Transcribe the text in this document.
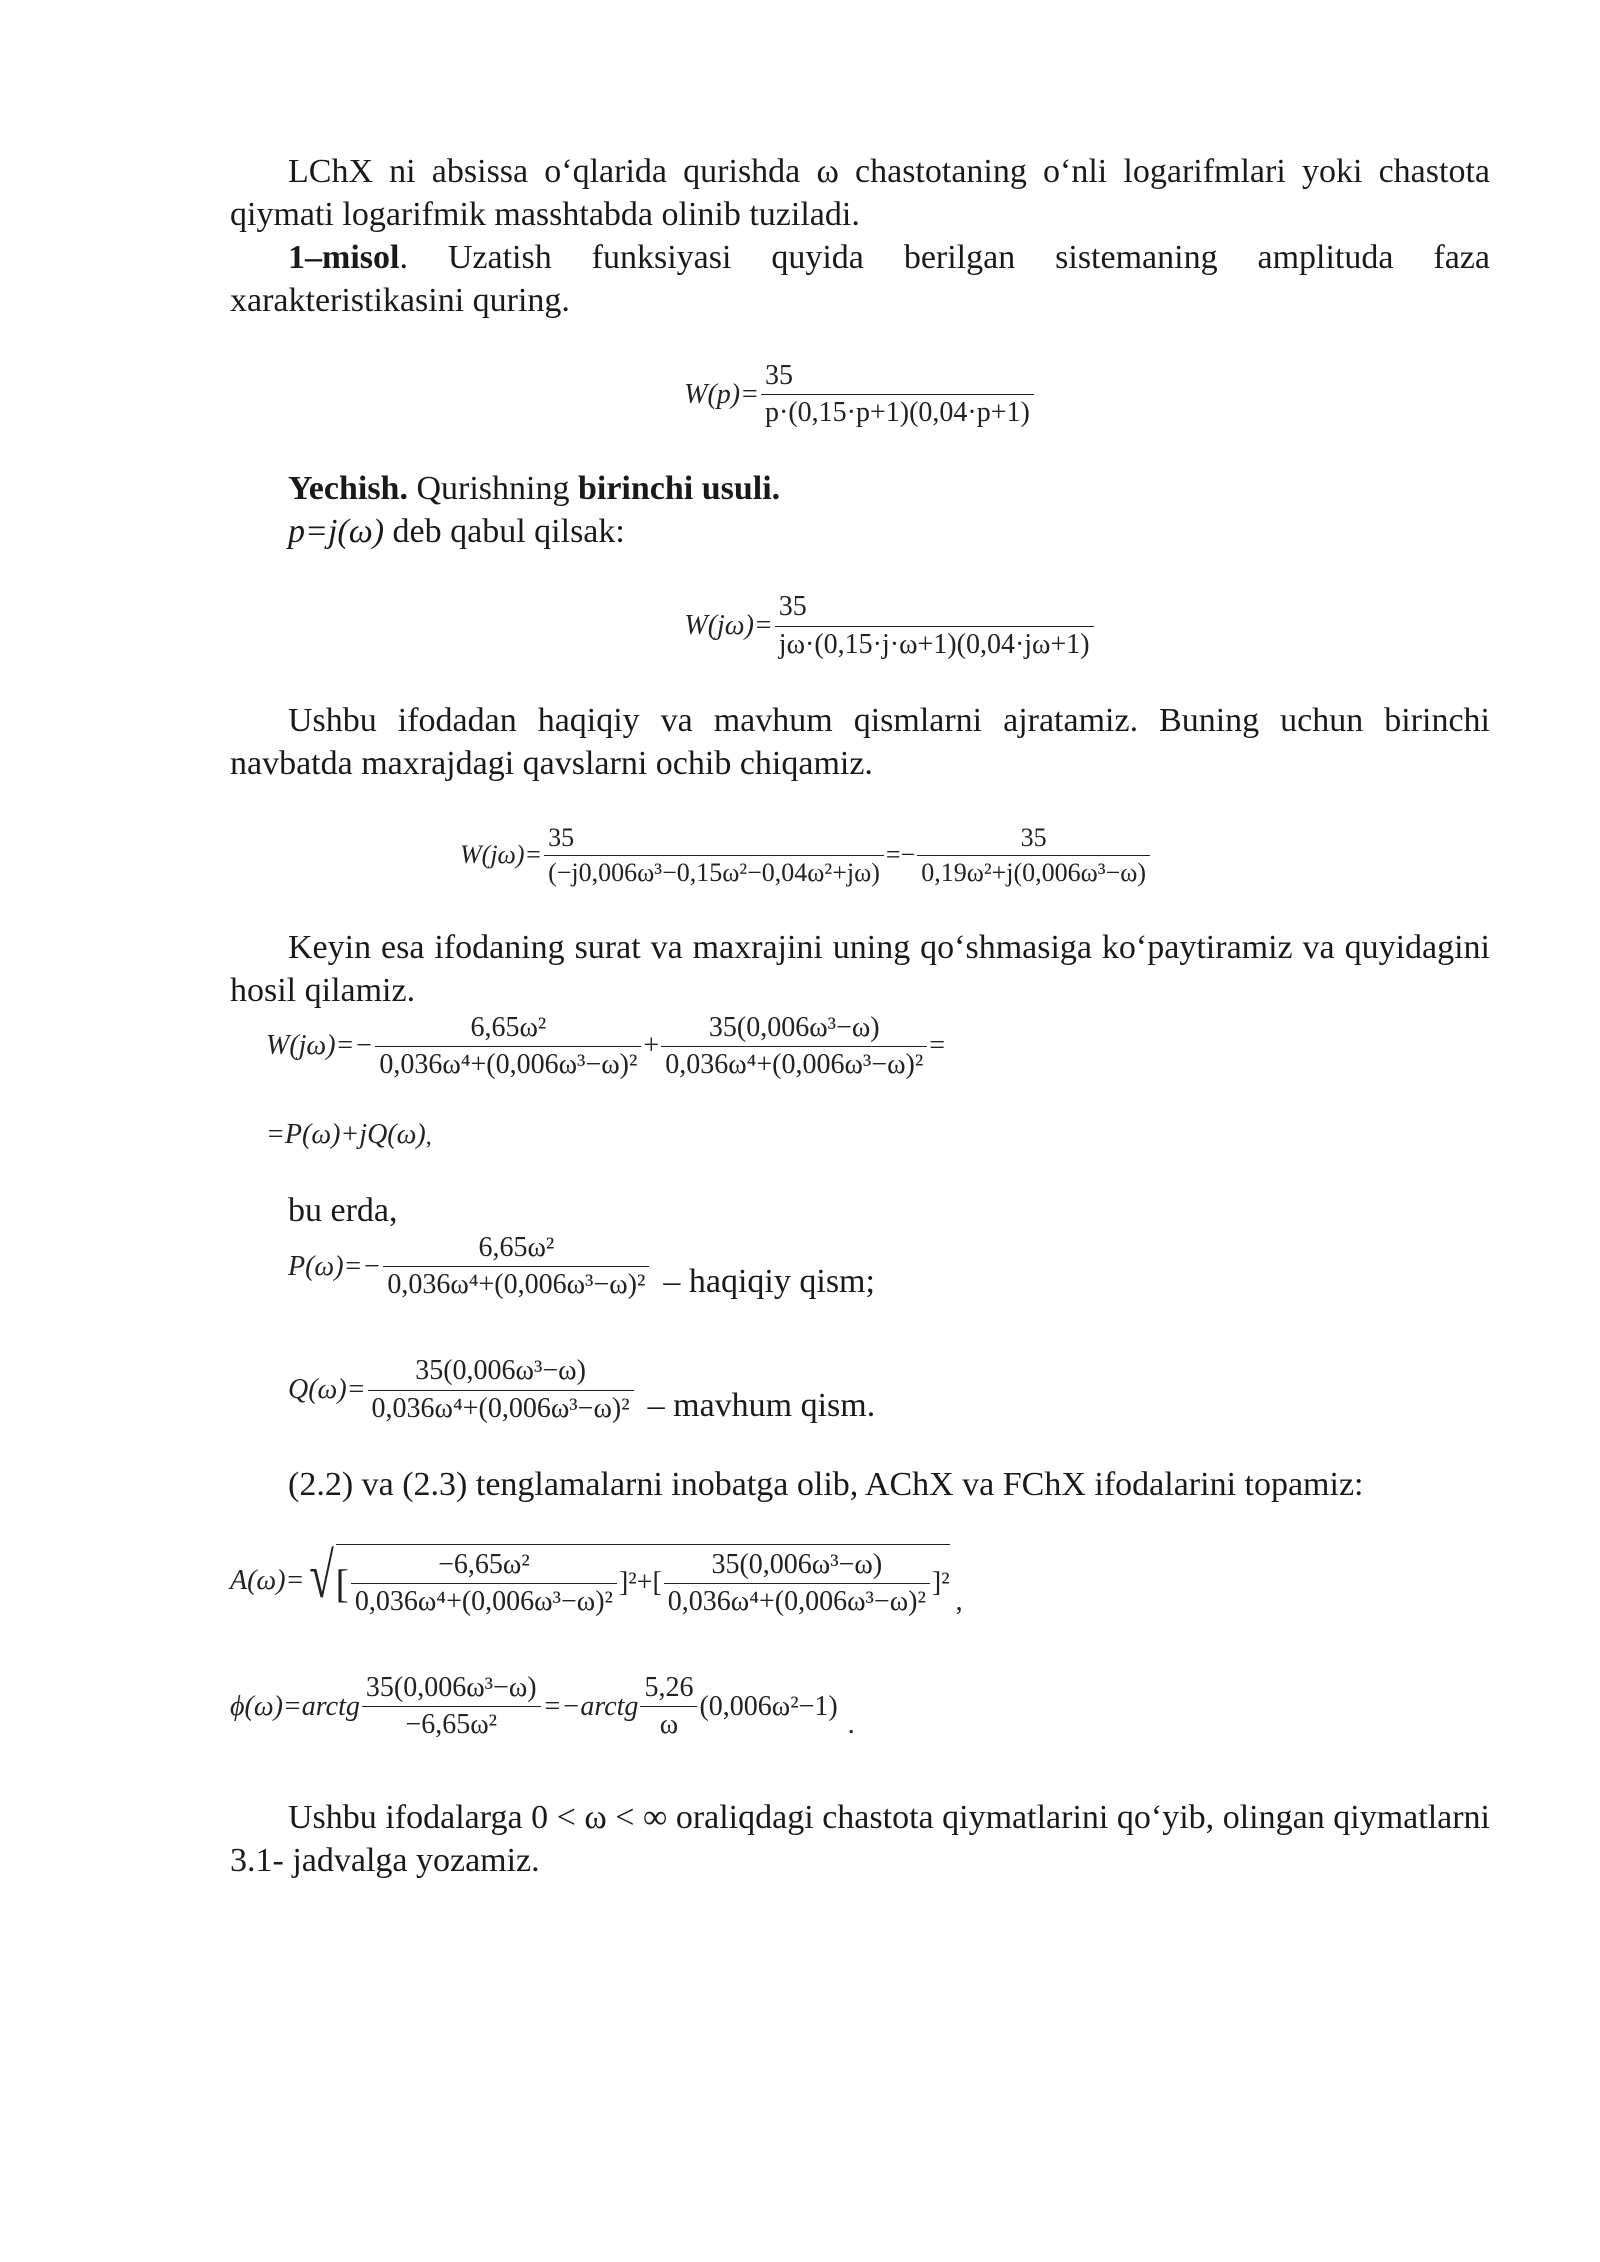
LChX ni absissa o‘qlarida qurishda ω chastotaning o‘nli logarifmlari yoki chastota qiymati logarifmik masshtabda olinib tuziladi.

1–misol. Uzatish funksiyasi quyida berilgan sistemaning amplituda faza xarakteristikasini quring.

$W(p)= \frac{35}{p\cdot(0,15\cdot p+1)(0,04\cdot p+1)}$

Yechish. Qurishning birinchi usuli.

p=j(ω) deb qabul qilsak:

$W(j\omega)= \frac{35}{j\omega\cdot(0,15\cdot j\cdot\omega+1)(0,04\cdot j\omega+1)}$

Ushbu ifodadan haqiqiy va mavhum qismlarni ajratamiz. Buning uchun birinchi navbatda maxrajdagi qavslarni ochib chiqamiz.

$W(j\omega)= \frac{35}{\text{(−j0,006ω³−0,15ω²−0,04ω²+jω)}} =- \frac{35}{\text{0,19ω²+j(0,006ω³−ω)}}$

Keyin esa ifodaning surat va maxrajini uning qo‘shmasiga ko‘paytiramiz va quyidagini hosil qilamiz.

$W(j\omega)=- \frac{\text{6,65ω²}}{\text{0,036ω⁴+(0,006ω³−ω)²}} + \frac{\text{35(0,006ω³−ω)}}{\text{0,036ω⁴+(0,006ω³−ω)²}}$ =
=P(ω)+jQ(ω) ,

bu erda,

$P(\omega)=- \frac{\text{6,65ω²}}{\text{0,036ω⁴+(0,006ω³−ω)²}}$ – haqiqiy qism;
$Q(\omega)= \frac{\text{35(0,006ω³−ω)}}{\text{0,036ω⁴+(0,006ω³−ω)²}}$ – mavhum qism.

(2.2) va (2.3) tenglamalarni inobatga olib, AChX va FChX ifodalarini topamiz:

A(ω)= √ [ $\frac{\text{−6,65ω²}}{\text{0,036ω⁴+(0,006ω³−ω)²}} ]^2+[ \frac{\text{35(0,006ω³−ω)}}{\text{0,036ω⁴+(0,006ω³−ω)²}} ]^2$
,
ϕ(ω)=arctg $\frac{\text{35(0,006ω³−ω)}}{\text{−6,65ω²}}$ =−arctg $\frac{5,26}{\omega} (0,006\omega^2-1)$
.

Ushbu ifodalarga 0 < ω < ∞ oraliqdagi chastota qiymatlarini qo‘yib, olingan qiymatlarni 3.1- jadvalga yozamiz.
